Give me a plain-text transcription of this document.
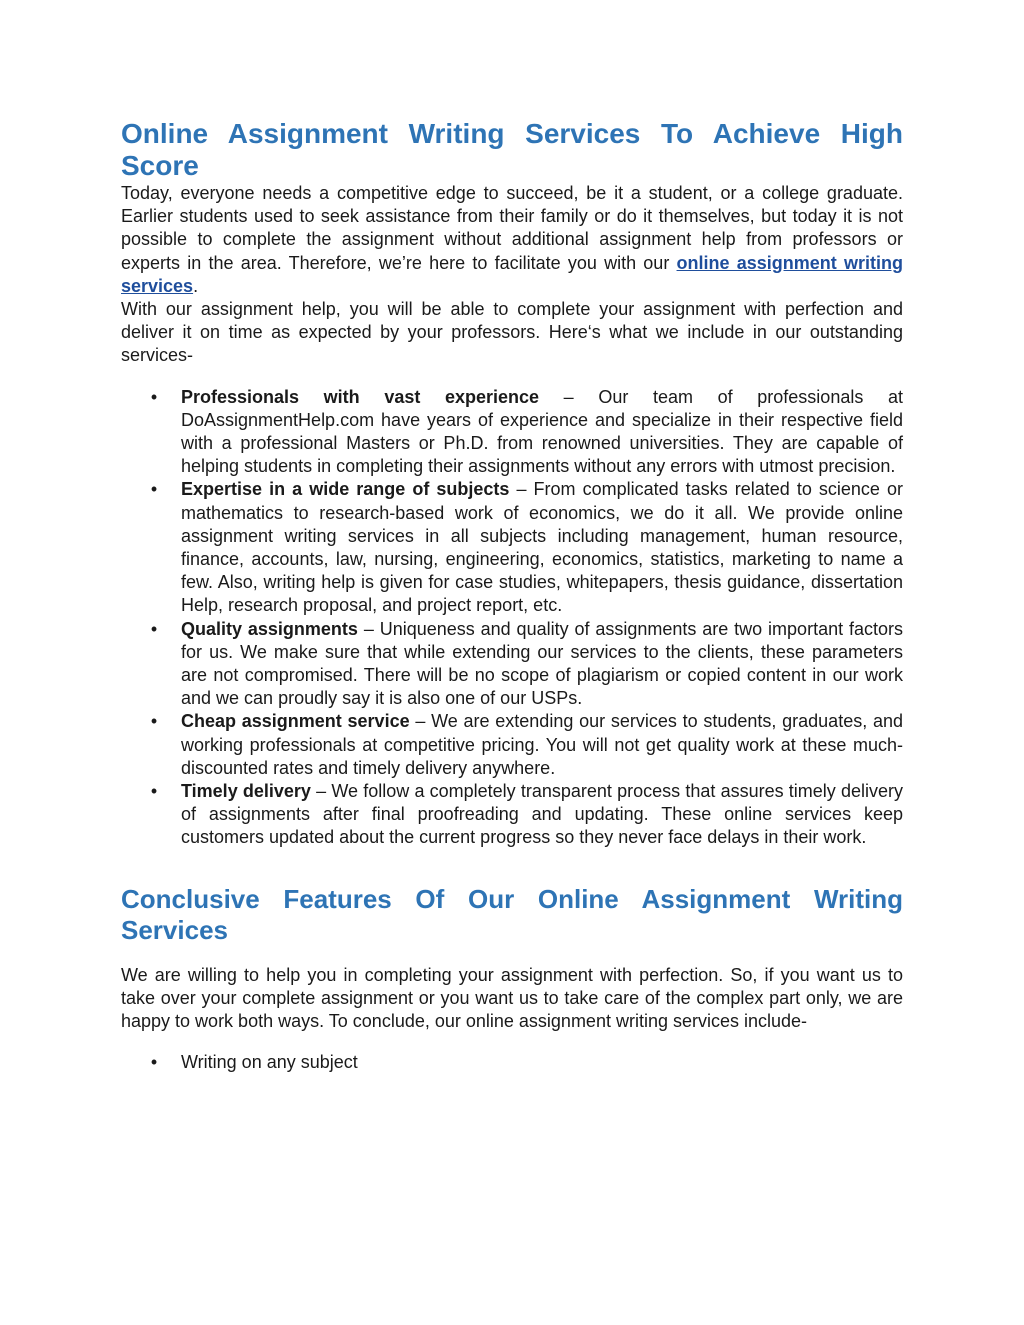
Online Assignment Writing Services To Achieve High Score

Today, everyone needs a competitive edge to succeed, be it a student, or a college graduate. Earlier students used to seek assistance from their family or do it themselves, but today it is not possible to complete the assignment without additional assignment help from professors or experts in the area. Therefore, we’re here to facilitate you with our online assignment writing services.

With our assignment help, you will be able to complete your assignment with perfection and deliver it on time as expected by your professors. Here‘s what we include in our outstanding services-

• Professionals with vast experience – Our team of professionals at DoAssignmentHelp.com have years of experience and specialize in their respective field with a professional Masters or Ph.D. from renowned universities. They are capable of helping students in completing their assignments without any errors with utmost precision.
• Expertise in a wide range of subjects – From complicated tasks related to science or mathematics to research-based work of economics, we do it all. We provide online assignment writing services in all subjects including management, human resource, finance, accounts, law, nursing, engineering, economics, statistics, marketing to name a few. Also, writing help is given for case studies, whitepapers, thesis guidance, dissertation Help, research proposal, and project report, etc.
• Quality assignments – Uniqueness and quality of assignments are two important factors for us. We make sure that while extending our services to the clients, these parameters are not compromised. There will be no scope of plagiarism or copied content in our work and we can proudly say it is also one of our USPs.
• Cheap assignment service – We are extending our services to students, graduates, and working professionals at competitive pricing. You will not get quality work at these much-discounted rates and timely delivery anywhere.
• Timely delivery – We follow a completely transparent process that assures timely delivery of assignments after final proofreading and updating. These online services keep customers updated about the current progress so they never face delays in their work.
Conclusive Features Of Our Online Assignment Writing Services

We are willing to help you in completing your assignment with perfection. So, if you want us to take over your complete assignment or you want us to take care of the complex part only, we are happy to work both ways. To conclude, our online assignment writing services include-

• Writing on any subject
